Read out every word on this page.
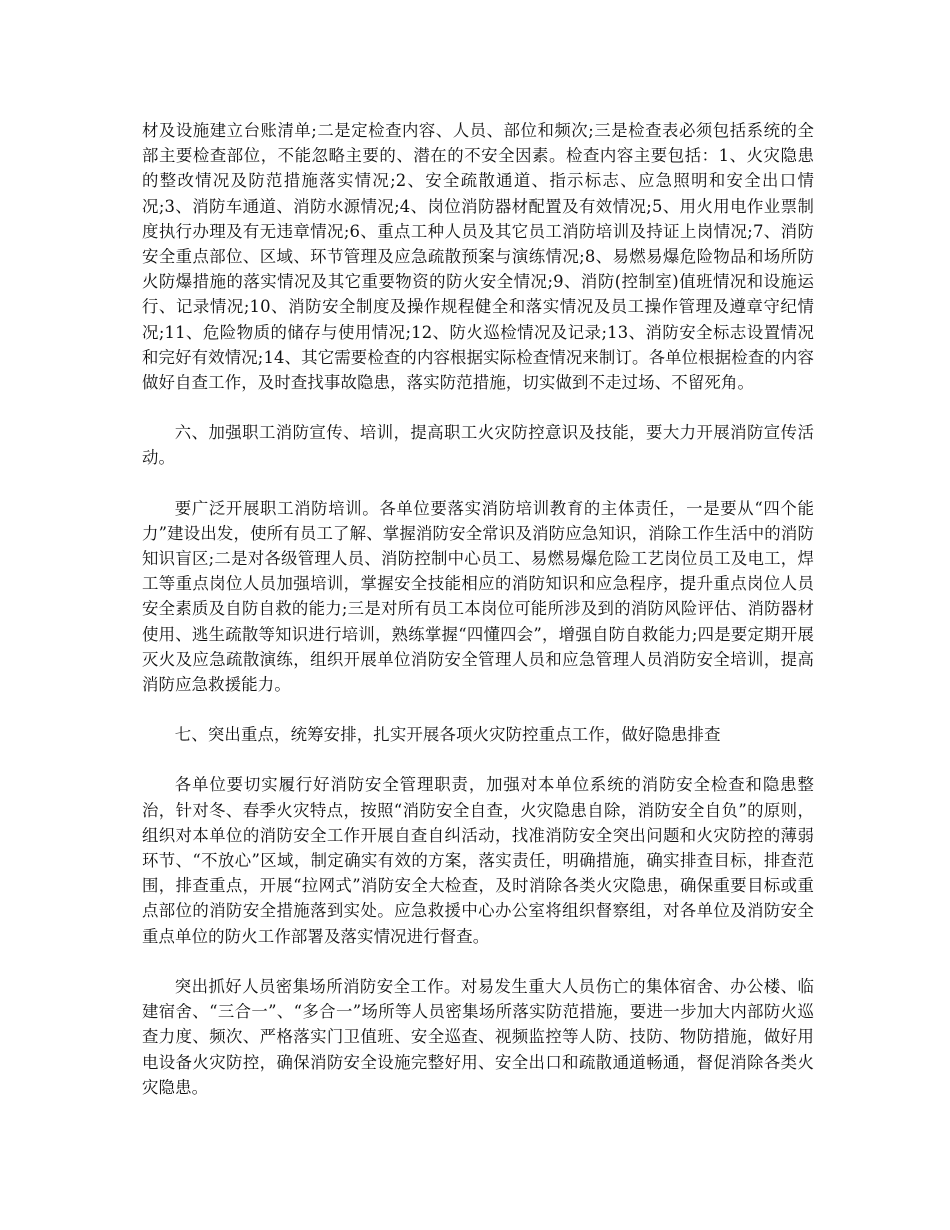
材及设施建立台账清单;二是定检查内容、人员、部位和频次;三是检查表必须包括系统的全部主要检查部位，不能忽略主要的、潜在的不安全因素。检查内容主要包括：1、火灾隐患的整改情况及防范措施落实情况;2、安全疏散通道、指示标志、应急照明和安全出口情况;3、消防车通道、消防水源情况;4、岗位消防器材配置及有效情况;5、用火用电作业票制度执行办理及有无违章情况;6、重点工种人员及其它员工消防培训及持证上岗情况;7、消防安全重点部位、区域、环节管理及应急疏散预案与演练情况;8、易燃易爆危险物品和场所防火防爆措施的落实情况及其它重要物资的防火安全情况;9、消防(控制室)值班情况和设施运行、记录情况;10、消防安全制度及操作规程健全和落实情况及员工操作管理及遵章守纪情况;11、危险物质的储存与使用情况;12、防火巡检情况及记录;13、消防安全标志设置情况和完好有效情况;14、其它需要检查的内容根据实际检查情况来制订。各单位根据检查的内容做好自查工作，及时查找事故隐患，落实防范措施，切实做到不走过场、不留死角。

六、加强职工消防宣传、培训，提高职工火灾防控意识及技能，要大力开展消防宣传活动。

要广泛开展职工消防培训。各单位要落实消防培训教育的主体责任，一是要从“四个能力”建设出发，使所有员工了解、掌握消防安全常识及消防应急知识，消除工作生活中的消防知识盲区;二是对各级管理人员、消防控制中心员工、易燃易爆危险工艺岗位员工及电工，焊工等重点岗位人员加强培训，掌握安全技能相应的消防知识和应急程序，提升重点岗位人员安全素质及自防自救的能力;三是对所有员工本岗位可能所涉及到的消防风险评估、消防器材使用、逃生疏散等知识进行培训，熟练掌握“四懂四会”，增强自防自救能力;四是要定期开展灭火及应急疏散演练，组织开展单位消防安全管理人员和应急管理人员消防安全培训，提高消防应急救援能力。

七、突出重点，统筹安排，扎实开展各项火灾防控重点工作，做好隐患排查

各单位要切实履行好消防安全管理职责，加强对本单位系统的消防安全检查和隐患整治，针对冬、春季火灾特点，按照“消防安全自查，火灾隐患自除，消防安全自负”的原则，组织对本单位的消防安全工作开展自查自纠活动，找准消防安全突出问题和火灾防控的薄弱环节、“不放心”区域，制定确实有效的方案，落实责任，明确措施，确实排查目标，排查范围，排查重点，开展“拉网式”消防安全大检查，及时消除各类火灾隐患，确保重要目标或重点部位的消防安全措施落到实处。应急救援中心办公室将组织督察组，对各单位及消防安全重点单位的防火工作部署及落实情况进行督查。

突出抓好人员密集场所消防安全工作。对易发生重大人员伤亡的集体宿舍、办公楼、临建宿舍、“三合一”、“多合一”场所等人员密集场所落实防范措施，要进一步加大内部防火巡查力度、频次、严格落实门卫值班、安全巡查、视频监控等人防、技防、物防措施，做好用电设备火灾防控，确保消防安全设施完整好用、安全出口和疏散通道畅通，督促消除各类火灾隐患。
